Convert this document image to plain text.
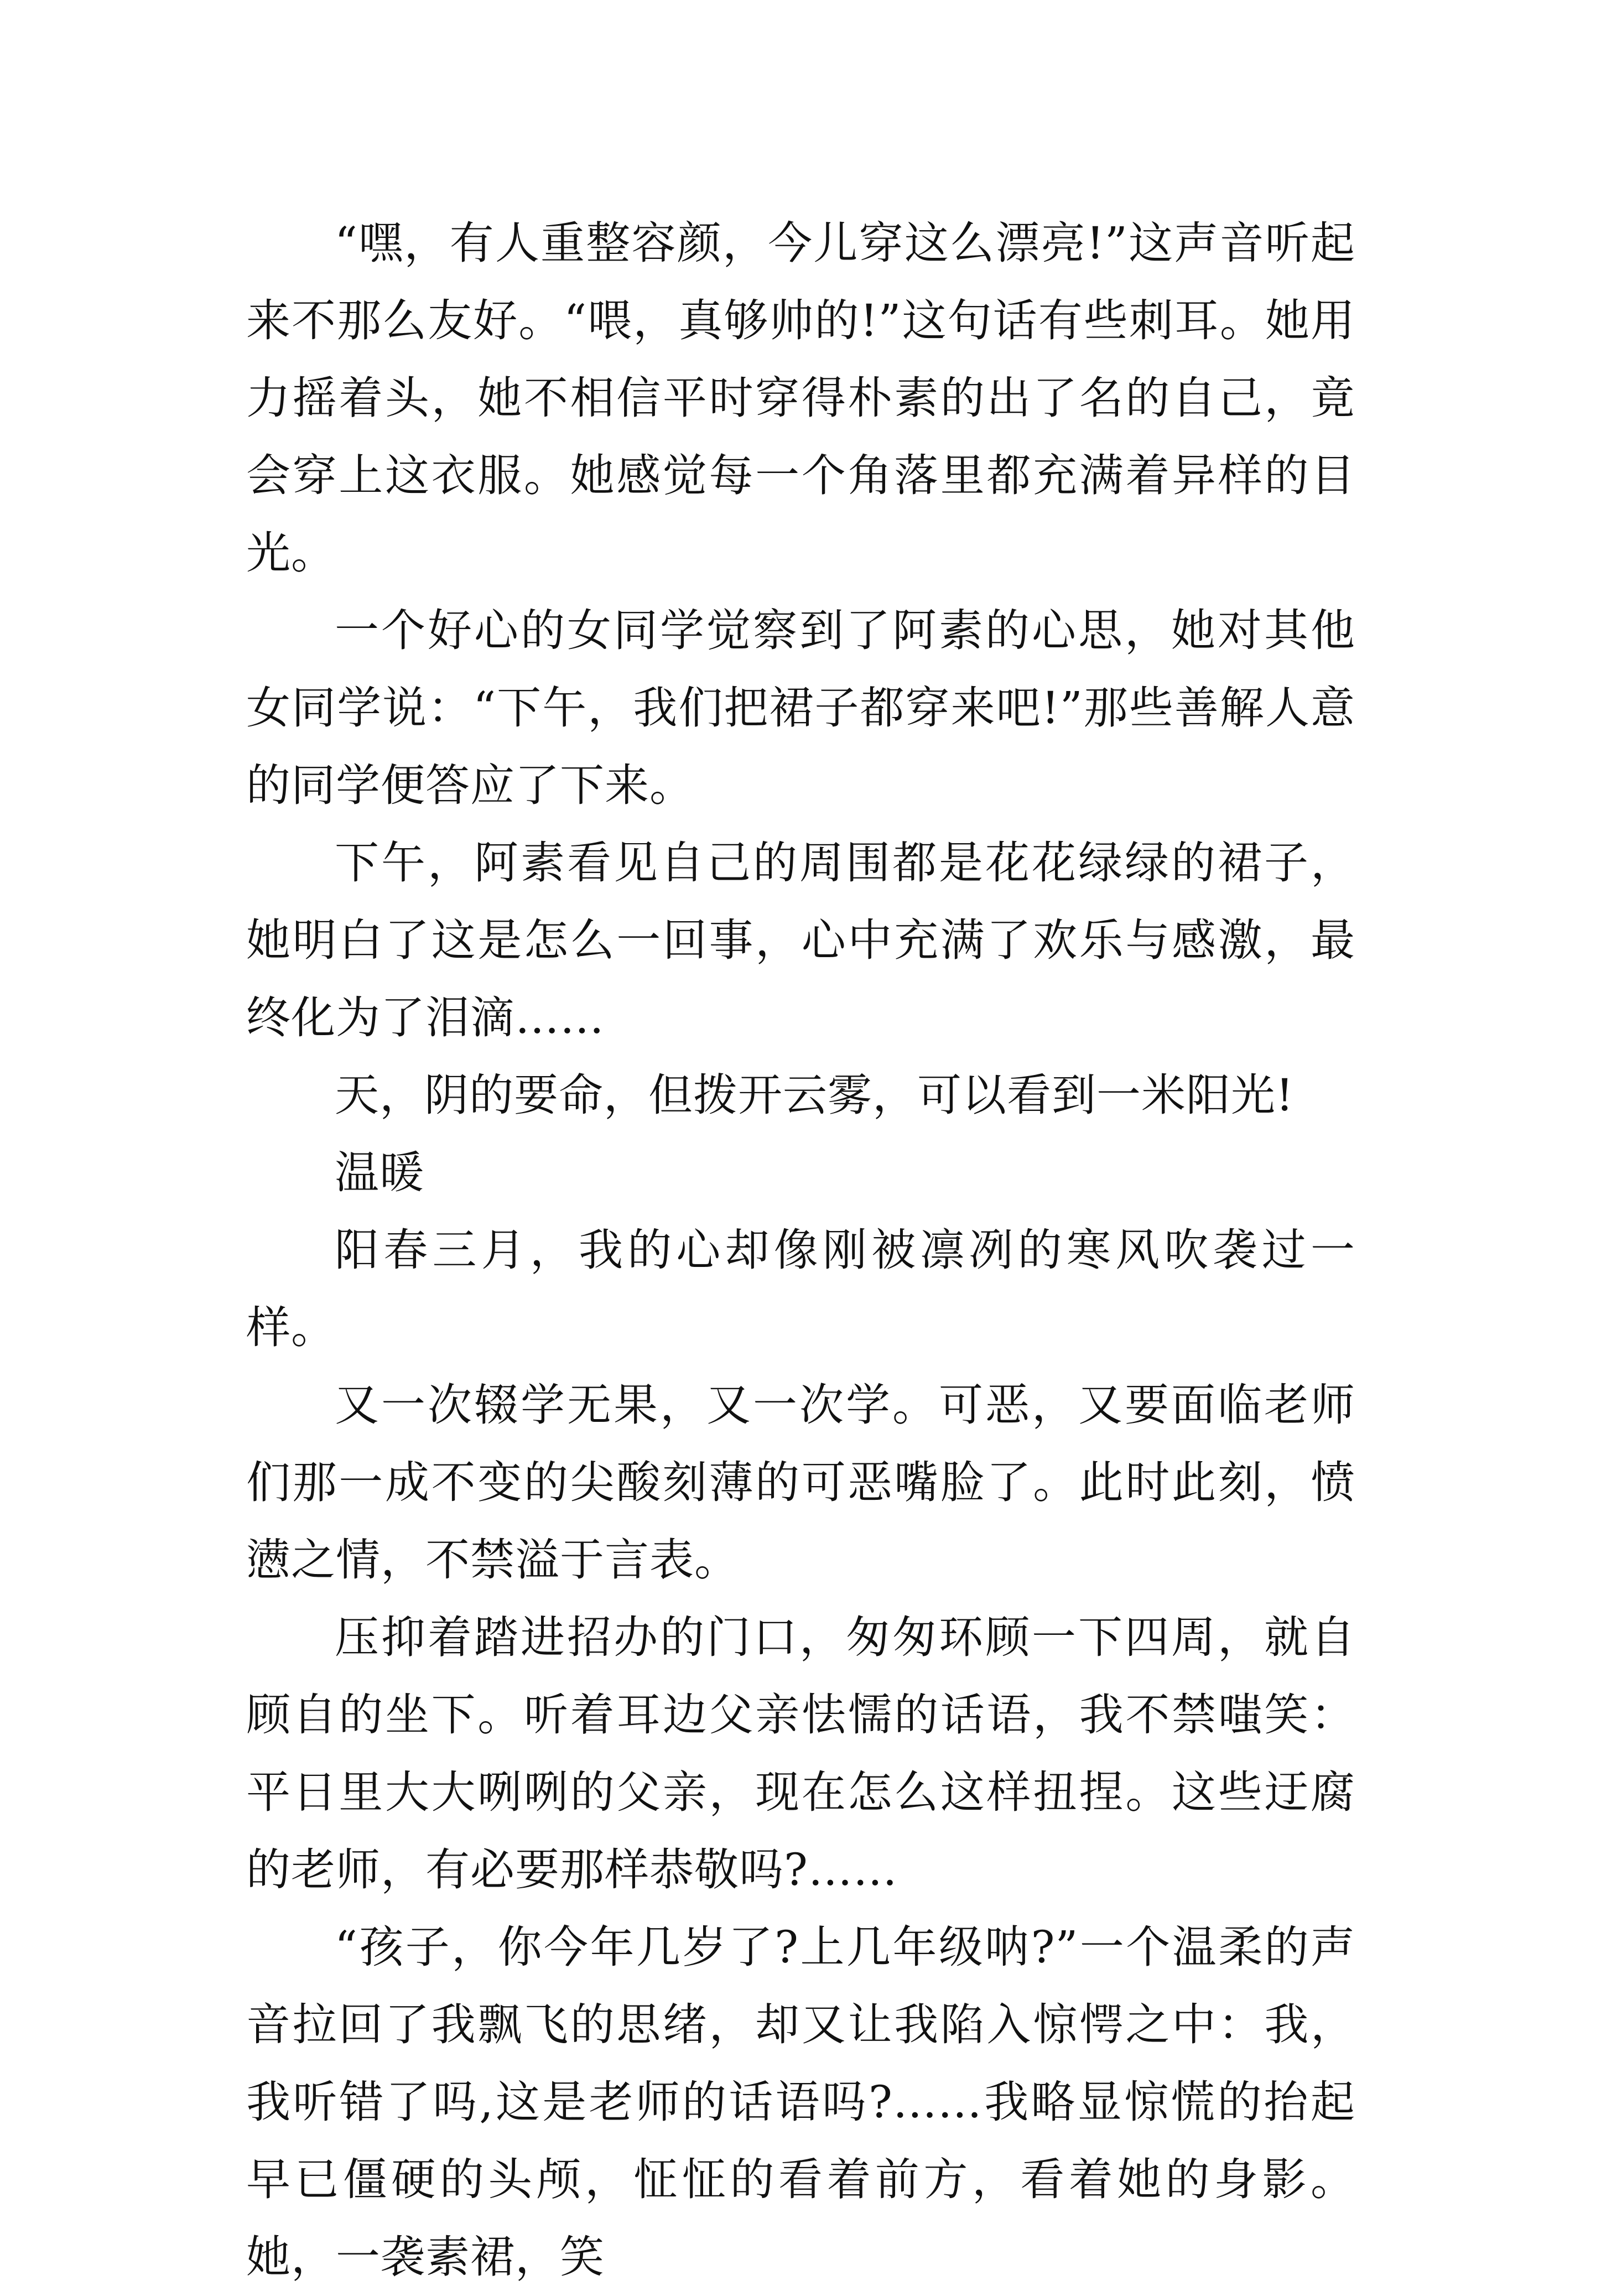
“嘿，有人重整容颜，今儿穿这么漂亮!”这声音听起来不那么友好。“喂，真够帅的!”这句话有些刺耳。她用力摇着头，她不相信平时穿得朴素的出了名的自己，竟会穿上这衣服。她感觉每一个角落里都充满着异样的目光。

一个好心的女同学觉察到了阿素的心思，她对其他女同学说：“下午，我们把裙子都穿来吧!”那些善解人意的同学便答应了下来。

下午，阿素看见自己的周围都是花花绿绿的裙子，她明白了这是怎么一回事，心中充满了欢乐与感激，最终化为了泪滴……

天，阴的要命，但拨开云雾，可以看到一米阳光!

温暖

阳春三月，我的心却像刚被凛冽的寒风吹袭过一样。

又一次辍学无果，又一次学。可恶，又要面临老师们那一成不变的尖酸刻薄的可恶嘴脸了。此时此刻，愤懑之情，不禁溢于言表。

压抑着踏进招办的门口，匆匆环顾一下四周，就自顾自的坐下。听着耳边父亲怯懦的话语，我不禁嗤笑：平日里大大咧咧的父亲，现在怎么这样扭捏。这些迂腐的老师，有必要那样恭敬吗?……

“孩子，你今年几岁了?上几年级呐?”一个温柔的声音拉回了我飘飞的思绪，却又让我陷入惊愕之中：我，我听错了吗,这是老师的话语吗?……我略显惊慌的抬起早已僵硬的头颅，怔怔的看着前方，看着她的身影。她，一袭素裙，笑
